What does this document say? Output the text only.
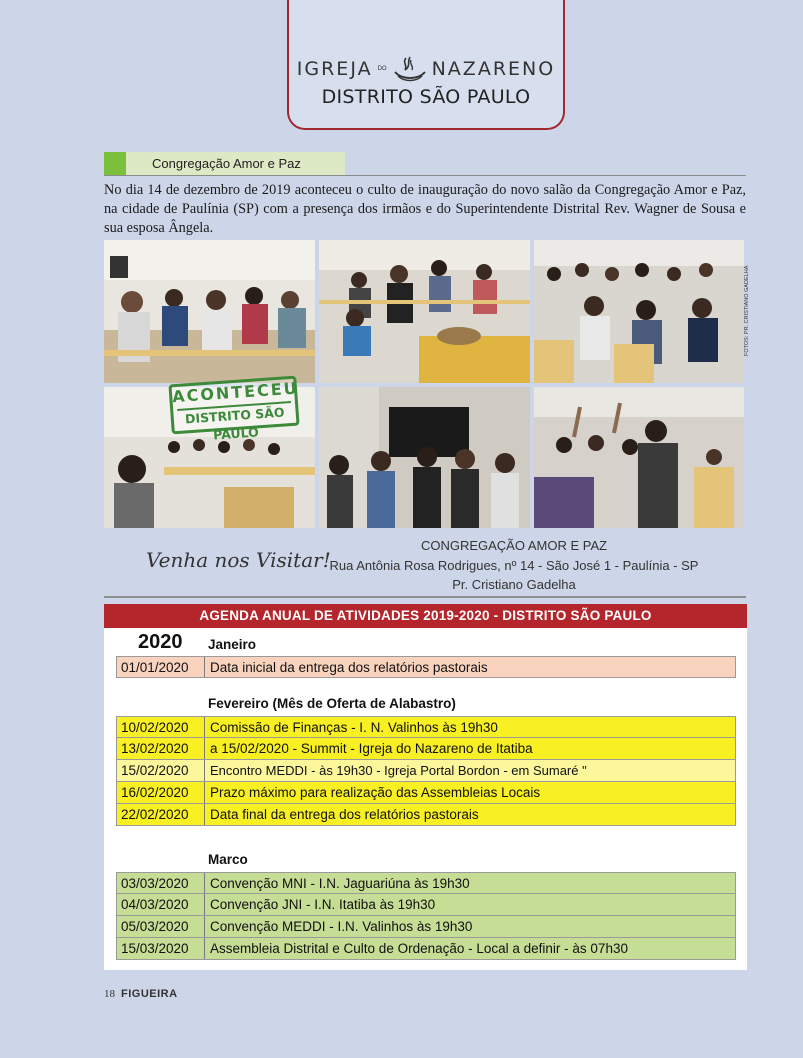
IGREJA DO NAZARENO
DISTRITO SÃO PAULO
Congregação Amor e Paz

No dia 14 de dezembro de 2019 aconteceu o culto de inauguração do novo salão da Congregação Amor e Paz, na cidade de Paulínia (SP) com a presença dos irmãos e do Superintendente Distrital Rev. Wagner de Sousa e sua esposa Ângela.

FOTOS: PR. CRISTIANO GADELHA
ACONTECEU
DISTRITO SÃO PAULO
Venha nos Visitar!
CONGREGAÇÃO AMOR E PAZ
Rua Antônia Rosa Rodrigues, nº 14 - São José 1 - Paulínia - SP
Pr. Cristiano Gadelha
AGENDA ANUAL DE ATIVIDADES 2019-2020 - DISTRITO SÃO PAULO
2020 Janeiro
01/01/2020	Data inicial da entrega dos relatórios pastorais
Fevereiro (Mês de Oferta de Alabastro)
10/02/2020	Comissão de Finanças - I. N. Valinhos às 19h30
13/02/2020	a 15/02/2020 - Summit - Igreja do Nazareno de Itatiba
15/02/2020	Encontro MEDDI - às 19h30 - Igreja Portal Bordon - em Sumaré "
16/02/2020	Prazo máximo para realização das Assembleias Locais
22/02/2020	Data final da entrega dos relatórios pastorais
Marco
03/03/2020	Convenção MNI - I.N. Jaguariúna às 19h30
04/03/2020	Convenção JNI - I.N. Itatiba às 19h30
05/03/2020	Convenção MEDDI - I.N. Valinhos às 19h30
15/03/2020	Assembleia Distrital e Culto de Ordenação - Local a definir - às 07h30
18 FIGUEIRA
